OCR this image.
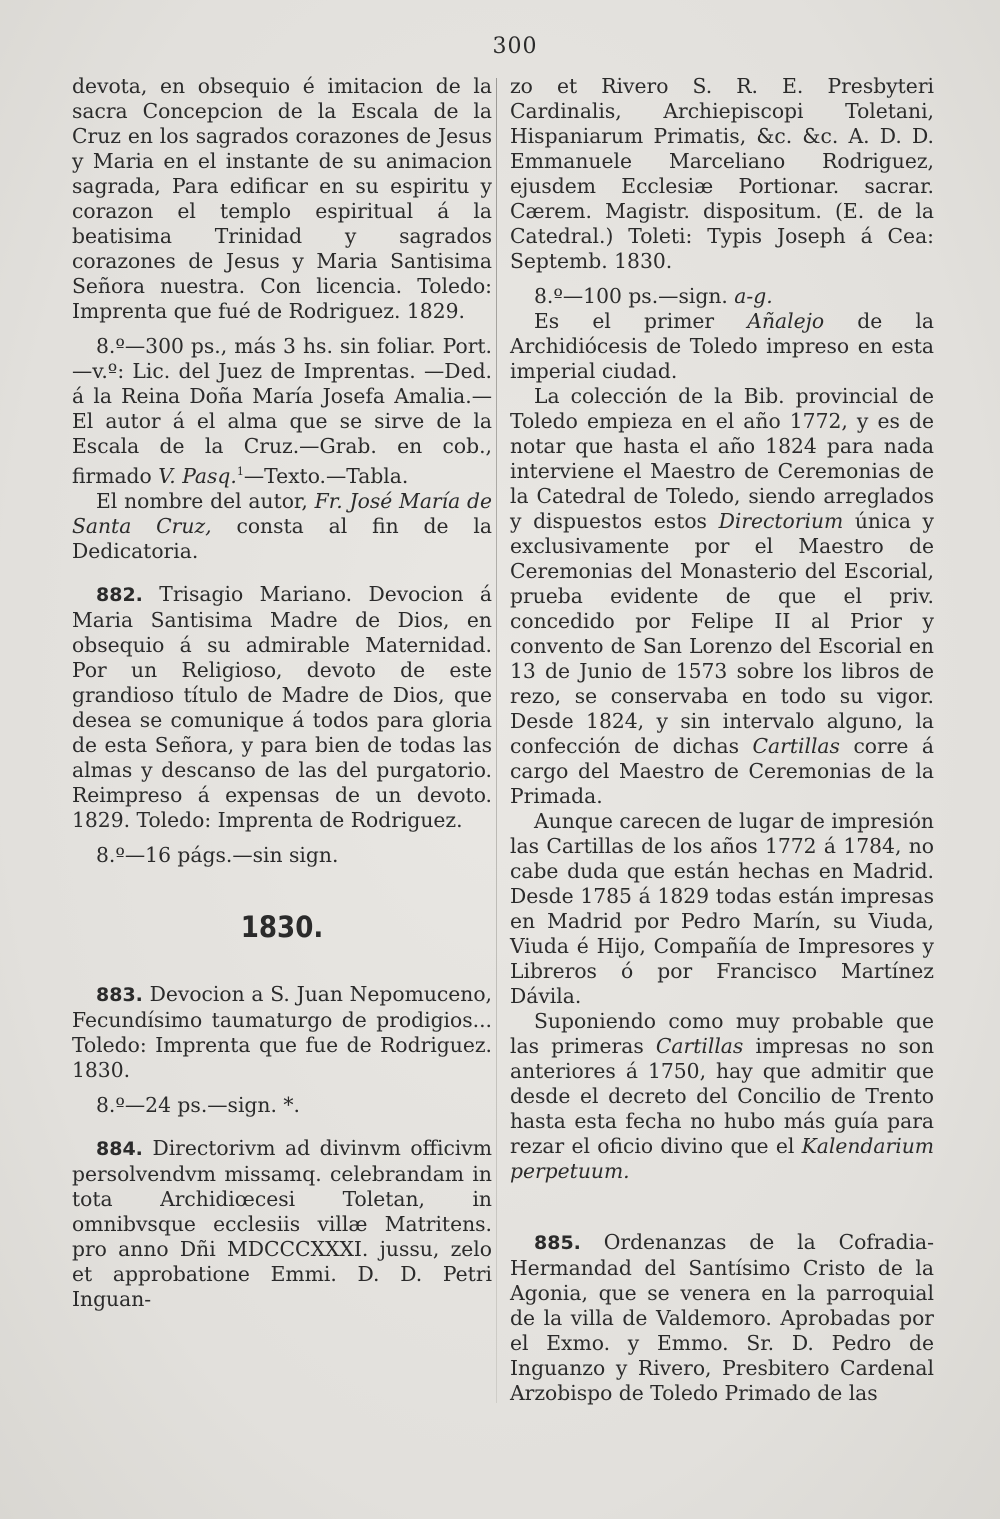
300

devota, en obsequio é imitacion de la sacra Concepcion de la Escala de la Cruz en los sagrados corazones de Jesus y Maria en el instante de su animacion sagrada, Para edificar en su espiritu y corazon el templo espiritual á la beatisima Trinidad y sagrados corazones de Jesus y Maria Santisima Señora nuestra. Con licencia. Toledo: Imprenta que fué de Rodriguez. 1829.

8.º—300 ps., más 3 hs. sin foliar. Port.—v.º: Lic. del Juez de Imprentas. —Ded. á la Reina Doña María Josefa Amalia.—El autor á el alma que se sirve de la Escala de la Cruz.—Grab. en cob., firmado V. Pasq.$^1$—Texto.—Tabla.

El nombre del autor, Fr. José María de Santa Cruz, consta al fin de la Dedicatoria.

882. Trisagio Mariano. Devocion á Maria Santisima Madre de Dios, en obsequio á su admirable Maternidad. Por un Religioso, devoto de este grandioso título de Madre de Dios, que desea se comunique á todos para gloria de esta Señora, y para bien de todas las almas y descanso de las del purgatorio. Reimpreso á expensas de un devoto. 1829. Toledo: Imprenta de Rodriguez.

8.º—16 págs.—sin sign.

1830.

883. Devocion a S. Juan Nepomuceno, Fecundísimo taumaturgo de prodigios... Toledo: Imprenta que fue de Rodriguez. 1830.

8.º—24 ps.—sign. *.

884. Directorivm ad divinvm officivm persolvendvm missamq. celebrandam in tota Archidiœcesi Toletan, in omnibvsque ecclesiis villæ Matritens. pro anno Dñi MDCCCXXXI. jussu, zelo et approbatione Emmi. D. D. Petri Inguan-

zo et Rivero S. R. E. Presbyteri Cardinalis, Archiepiscopi Toletani, Hispaniarum Primatis, &c. &c. A. D. D. Emmanuele Marceliano Rodriguez, ejusdem Ecclesiæ Portionar. sacrar. Cærem. Magistr. dispositum. (E. de la Catedral.) Toleti: Typis Joseph á Cea: Septemb. 1830.

8.º—100 ps.—sign. a-g.

Es el primer Añalejo de la Archidiócesis de Toledo impreso en esta imperial ciudad.

La colección de la Bib. provincial de Toledo empieza en el año 1772, y es de notar que hasta el año 1824 para nada interviene el Maestro de Ceremonias de la Catedral de Toledo, siendo arreglados y dispuestos estos Directorium única y exclusivamente por el Maestro de Ceremonias del Monasterio del Escorial, prueba evidente de que el priv. concedido por Felipe II al Prior y convento de San Lorenzo del Escorial en 13 de Junio de 1573 sobre los libros de rezo, se conservaba en todo su vigor. Desde 1824, y sin intervalo alguno, la confección de dichas Cartillas corre á cargo del Maestro de Ceremonias de la Primada.

Aunque carecen de lugar de impresión las Cartillas de los años 1772 á 1784, no cabe duda que están hechas en Madrid. Desde 1785 á 1829 todas están impresas en Madrid por Pedro Marín, su Viuda, Viuda é Hijo, Compañía de Impresores y Libreros ó por Francisco Martínez Dávila.

Suponiendo como muy probable que las primeras Cartillas impresas no son anteriores á 1750, hay que admitir que desde el decreto del Concilio de Trento hasta esta fecha no hubo más guía para rezar el oficio divino que el Kalendarium perpetuum.

885. Ordenanzas de la Cofradia-Hermandad del Santísimo Cristo de la Agonia, que se venera en la parroquial de la villa de Valdemoro. Aprobadas por el Exmo. y Emmo. Sr. D. Pedro de Inguanzo y Rivero, Presbitero Cardenal Arzobispo de Toledo Primado de las
